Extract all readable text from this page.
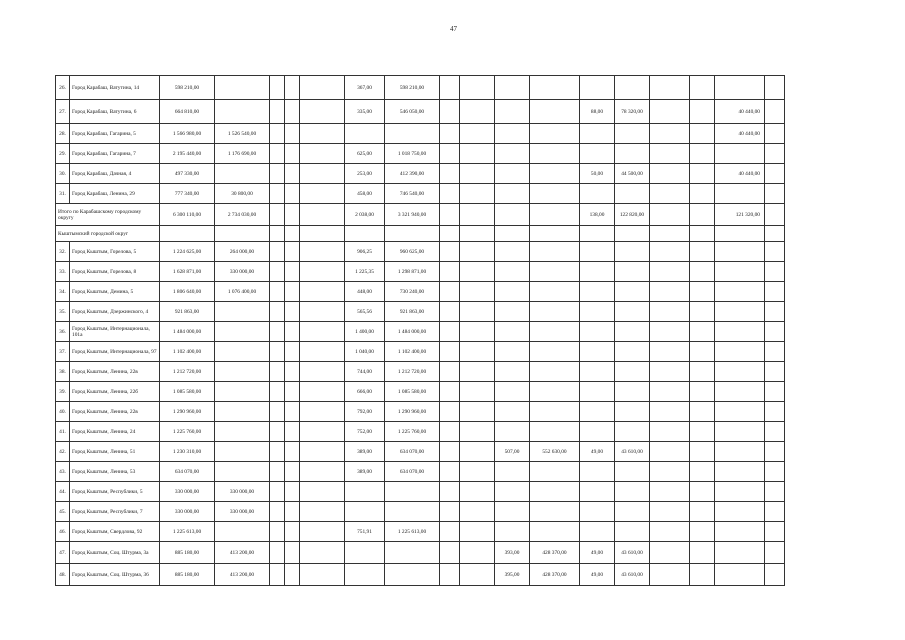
47
26.	Город Карабаш, Ватутина, 14	598 210,00					367,00	598 210,00										
27.	Город Карабаш, Ватутина, 6	664 810,00					335,00	546 050,00					88,00	78 320,00			40 440,00	
28.	Город Карабаш, Гагарина, 5	1 566 980,00	1 526 540,00														40 440,00	
29.	Город Карабаш, Гагарина, 7	2 195 440,00	1 176 690,00				625,00	1 018 750,00										
30.	Город Карабаш, Дачная, 4	497 330,00					253,00	412 390,00					50,00	44 500,00			40 440,00	
31.	Город Карабаш, Ленина, 29	777 340,00	30 800,00				458,00	746 540,00										
Итого по Карабашскому городскому округу		6 300 110,00	2 734 030,00				2 038,00	3 321 940,00					138,00	122 820,00			121 320,00	
Кыштымский городской округ																		
32.	Город Кыштым, Горелова, 5	1 224 625,00	264 000,00				906,25	960 625,00										
33.	Город Кыштым, Горелова, 8	1 628 871,00	330 000,00				1 225,35	1 298 871,00										
34.	Город Кыштым, Демина, 5	1 806 640,00	1 076 400,00				448,00	730 240,00										
35.	Город Кыштым, Дзержинского, 4	921 863,00					565,56	921 863,00										
36.	Город Кыштым, Интернационала, 101а	1 484 000,00					1 400,00	1 484 000,00										
37.	Город Кыштым, Интернационала, 97	1 102 400,00					1 040,00	1 102 400,00										
38.	Город Кыштым, Ленина, 22в	1 212 720,00					744,00	1 212 720,00										
39.	Город Кыштым, Ленина, 22б	1 085 580,00					666,00	1 085 580,00										
40.	Город Кыштым, Ленина, 22в	1 290 960,00					792,00	1 290 960,00										
41.	Город Кыштым, Ленина, 24	1 225 760,00					752,00	1 225 760,00										
42.	Город Кыштым, Ленина, 51	1 230 310,00					389,00	634 070,00			507,00	552 630,00	49,00	43 610,00				
43.	Город Кыштым, Ленина, 53	634 070,00					389,00	634 070,00										
44.	Город Кыштым, Республики, 5	330 000,00	330 000,00															
45.	Город Кыштым, Республики, 7	330 000,00	330 000,00															
46.	Город Кыштым, Свердлова, 92	1 225 613,00					751,91	1 225 613,00										
47.	Город Кыштым, Соц. Штурма, 3а	885 180,00	413 200,00								393,00	428 370,00	49,00	43 610,00				
48.	Город Кыштым, Соц. Штурма, 36	885 180,00	413 200,00								395,00	428 370,00	49,00	43 610,00				
